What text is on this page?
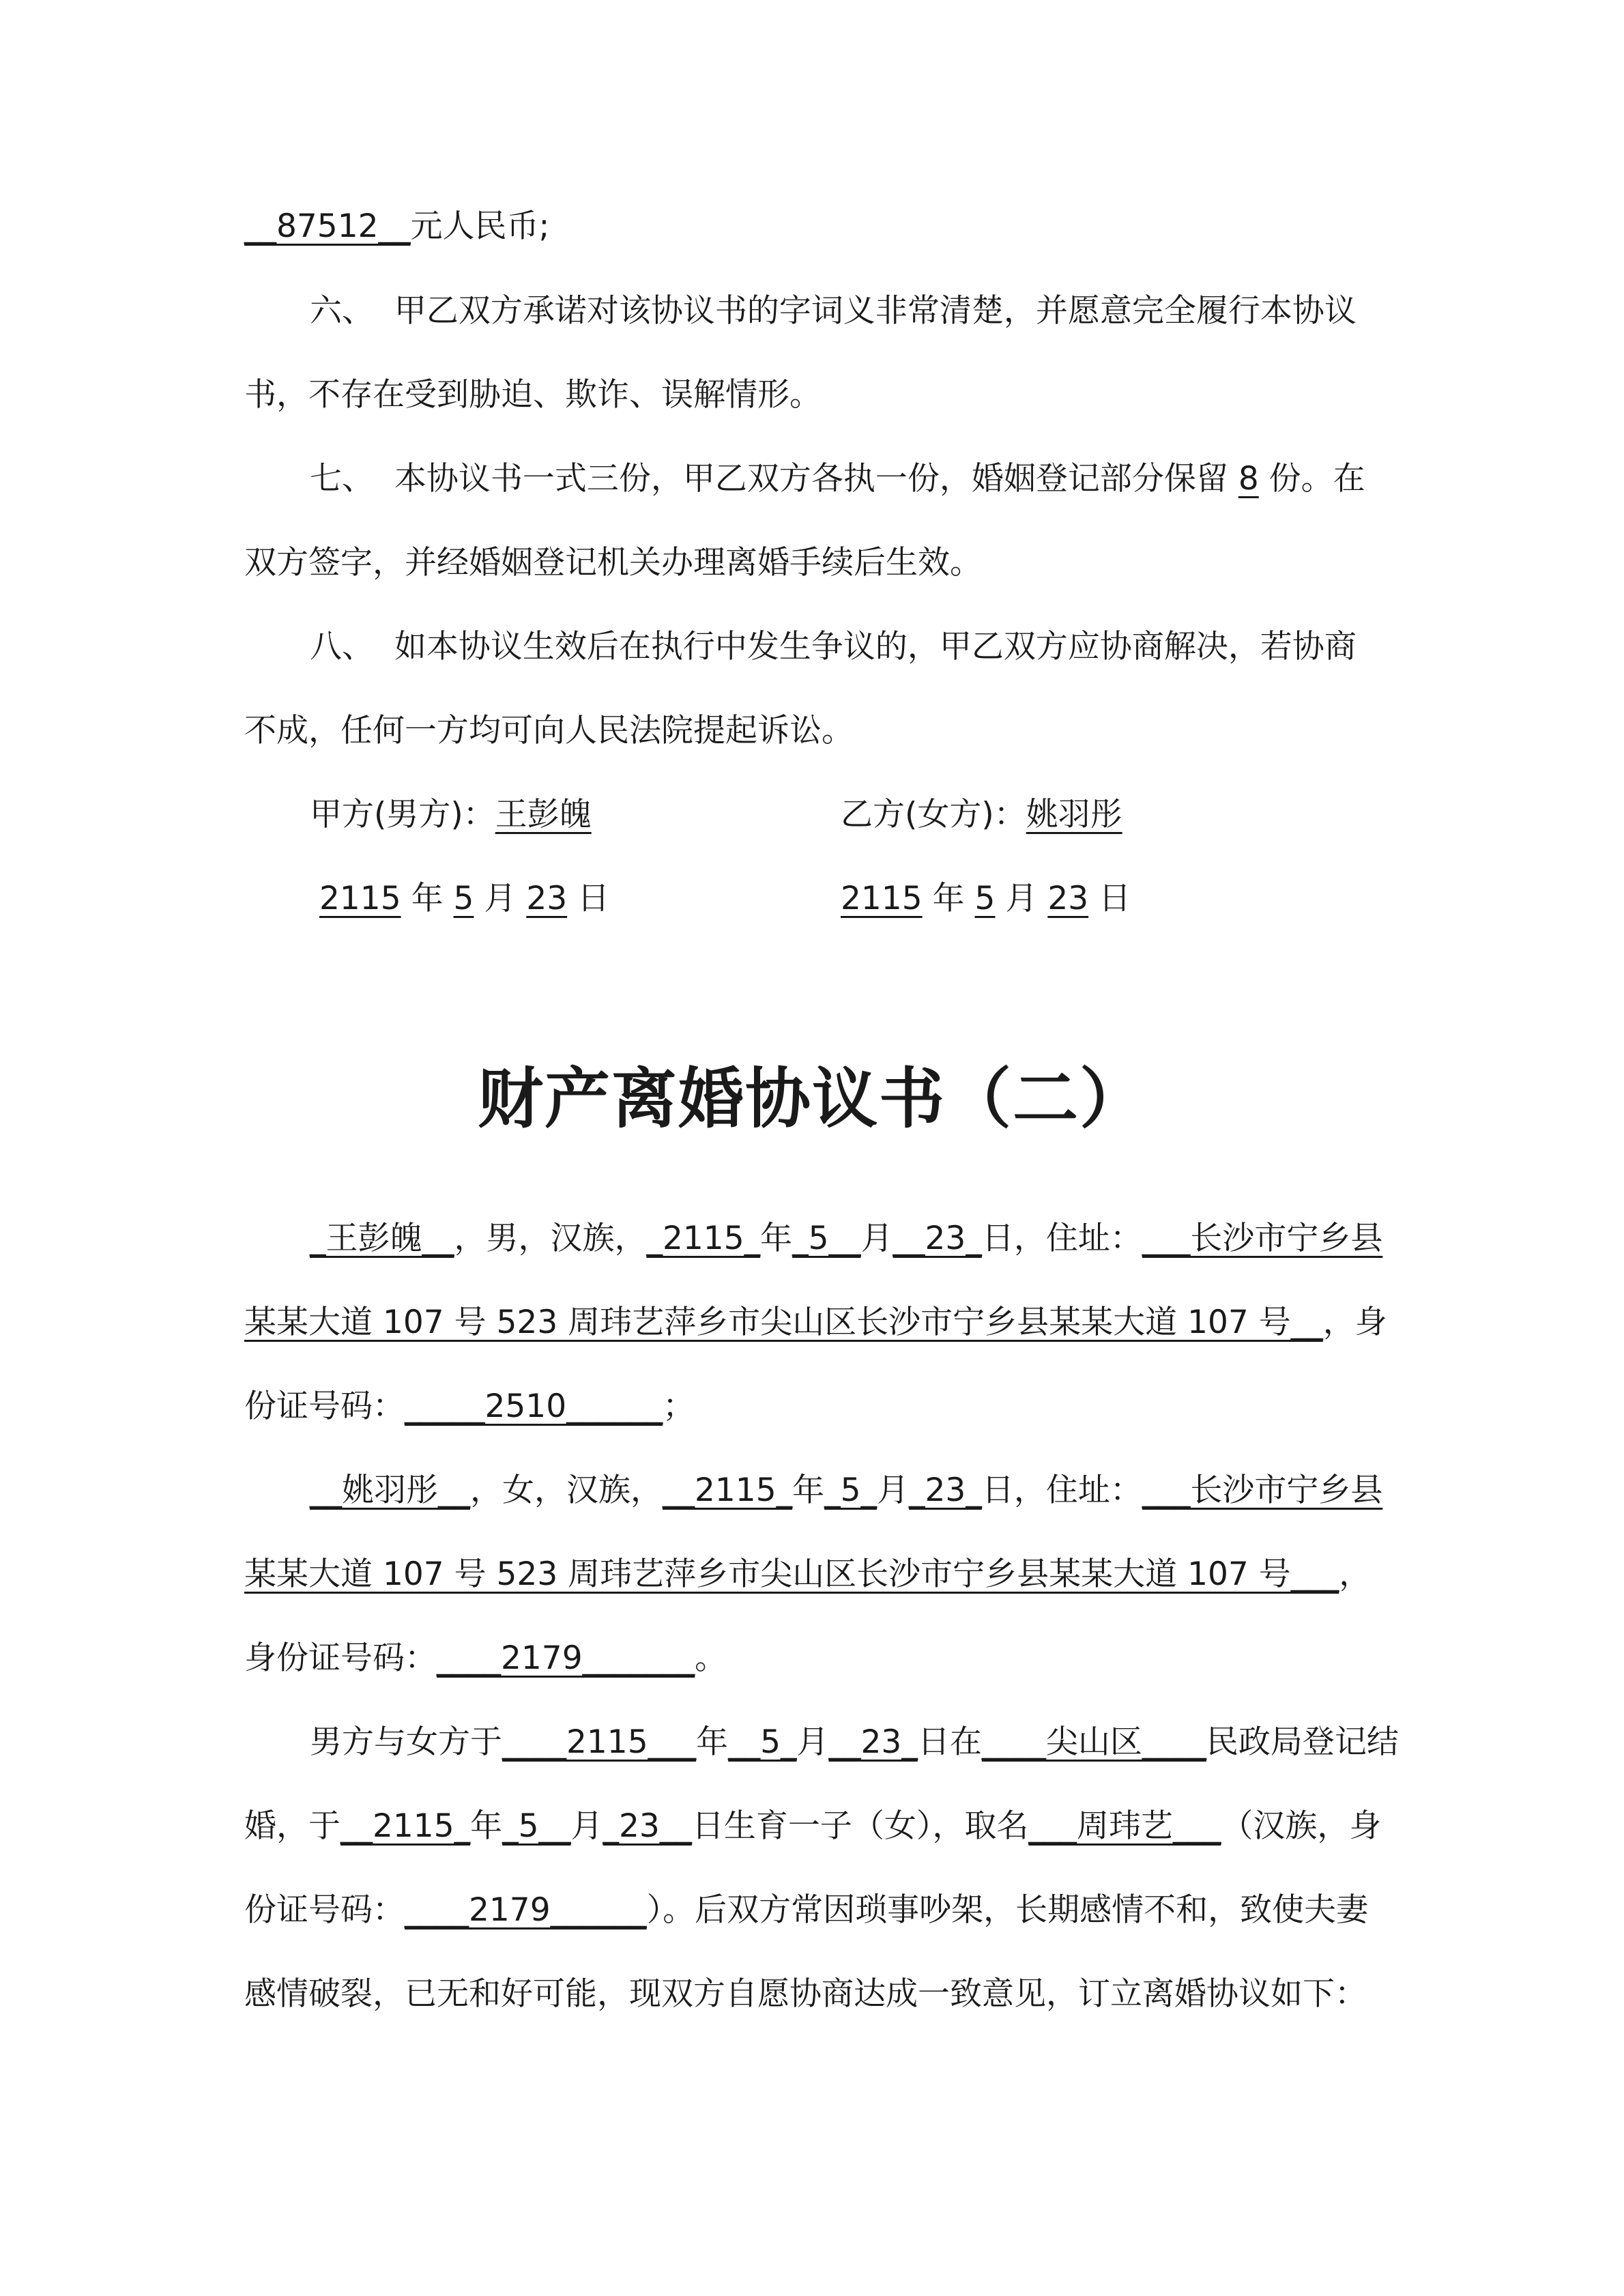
__87512__元人民币;
六、  甲乙双方承诺对该协议书的字词义非常清楚，并愿意完全履行本协议
书，不存在受到胁迫、欺诈、误解情形。
七、  本协议书一式三份，甲乙双方各执一份，婚姻登记部分保留 8 份。在
双方签字，并经婚姻登记机关办理离婚手续后生效。
八、  如本协议生效后在执行中发生争议的，甲乙双方应协商解决，若协商
不成，任何一方均可向人民法院提起诉讼。
甲方(男方)：王彭魄	乙方(女方)：姚羽彤
2115 年 5 月 23 日	2115 年 5 月 23 日
财产离婚协议书（二）
_王彭魄__，男，汉族，_2115_年_5__月__23_日，住址：___长沙市宁乡县
某某大道 107 号 523 周玮艺萍乡市尖山区长沙市宁乡县某某大道 107 号__，身
份证号码：_____2510______；
__姚羽彤__，女，汉族，__2115_年_5_月_23_日，住址：___长沙市宁乡县
某某大道 107 号 523 周玮艺萍乡市尖山区长沙市宁乡县某某大道 107 号___，
身份证号码：____2179_______。
男方与女方于____2115___年__5_月__23_日在____尖山区____民政局登记结
婚，于__2115_年_5__月_23__日生育一子（女），取名___周玮艺___（汉族，身
份证号码：____2179______）。后双方常因琐事吵架，长期感情不和，致使夫妻
感情破裂，已无和好可能，现双方自愿协商达成一致意见，订立离婚协议如下：
